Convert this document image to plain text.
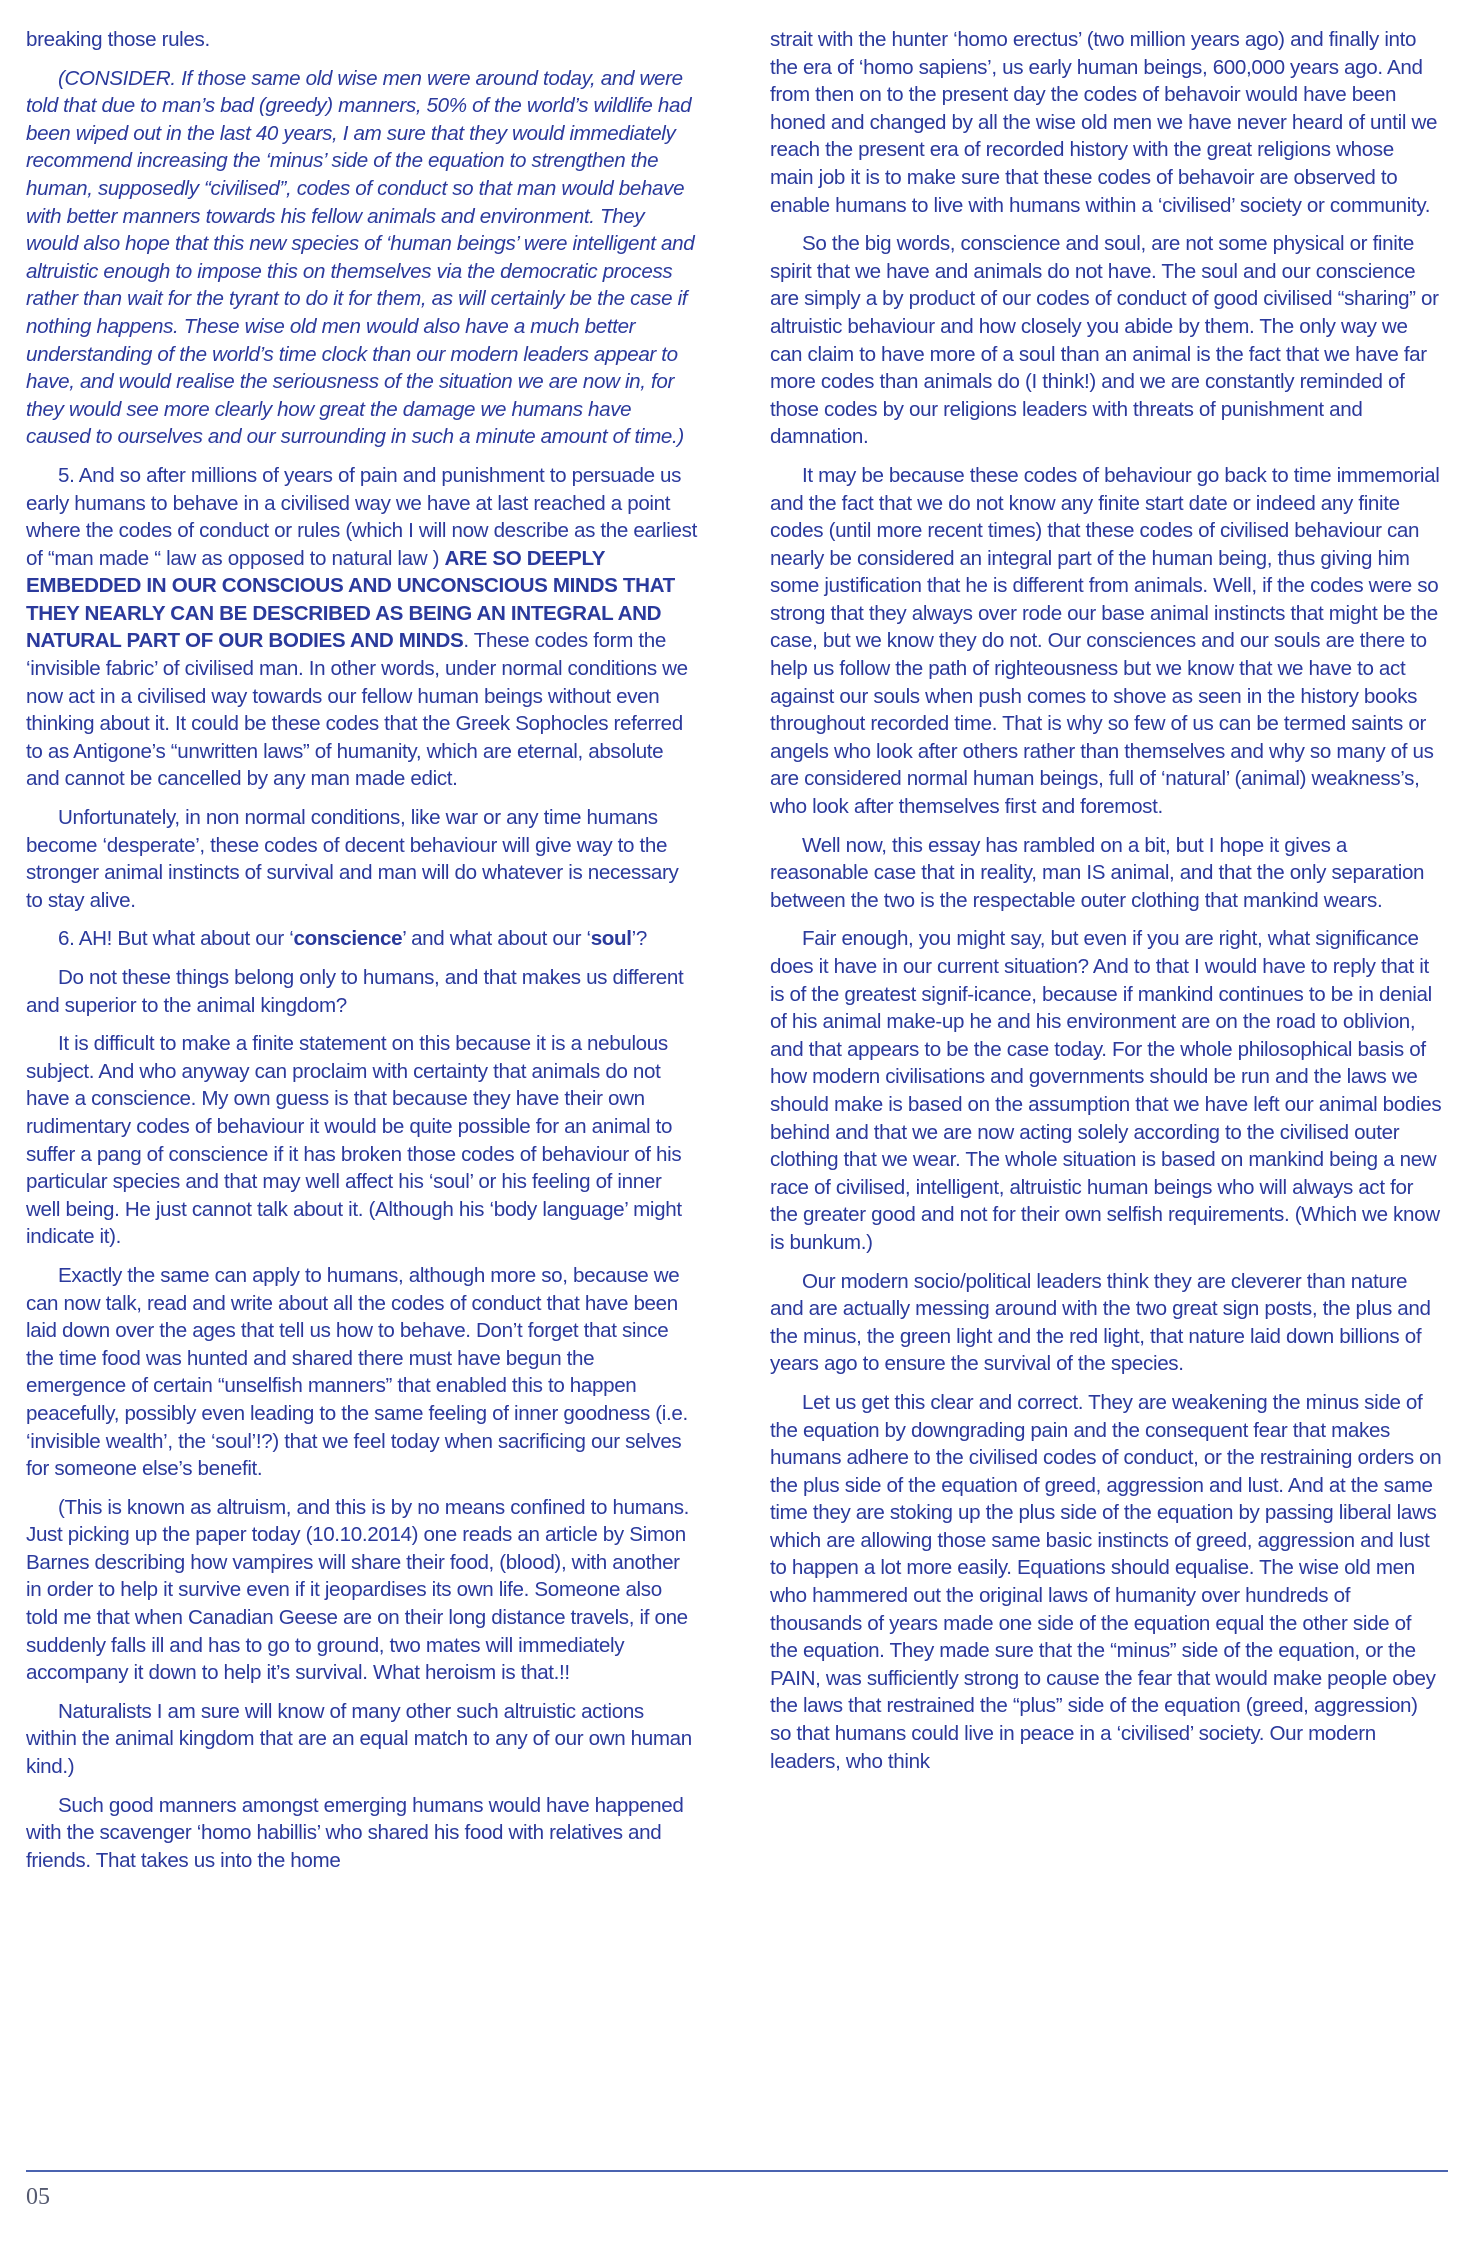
breaking those rules.

(CONSIDER. If those same old wise men were around today, and were told that due to man’s bad (greedy) manners, 50% of the world’s wildlife had been wiped out in the last 40 years, I am sure that they would immediately recommend increasing the ‘minus’ side of the equation to strengthen the human, supposedly “civilised”, codes of conduct so that man would behave with better manners towards his fellow animals and environment. They would also hope that this new species of ‘human beings’ were intelligent and altruistic enough to impose this on themselves via the democratic process rather than wait for the tyrant to do it for them, as will certainly be the case if nothing happens. These wise old men would also have a much better understanding of the world’s time clock than our modern leaders appear to have, and would realise the seriousness of the situation we are now in, for they would see more clearly how great the damage we humans have caused to ourselves and our surrounding in such a minute amount of time.)

5. And so after millions of years of pain and punishment to persuade us early humans to behave in a civilised way we have at last reached a point where the codes of conduct or rules (which I will now describe as the earliest of “man made “ law as opposed to natural law ) ARE SO DEEPLY EMBEDDED IN OUR CONSCIOUS AND UNCONSCIOUS MINDS THAT THEY NEARLY CAN BE DESCRIBED AS BEING AN INTEGRAL AND NATURAL PART OF OUR BODIES AND MINDS. These codes form the ‘invisible fabric’ of civilised man. In other words, under normal conditions we now act in a civilised way towards our fellow human beings without even thinking about it. It could be these codes that the Greek Sophocles referred to as Antigone’s “unwritten laws” of humanity, which are eternal, absolute and cannot be cancelled by any man made edict.

Unfortunately, in non normal conditions, like war or any time humans become ‘desperate’, these codes of decent behaviour will give way to the stronger animal instincts of survival and man will do whatever is necessary to stay alive.

6. AH! But what about our ‘conscience’ and what about our ‘soul’?

Do not these things belong only to humans, and that makes us different and superior to the animal kingdom?

It is difficult to make a finite statement on this because it is a nebulous subject. And who anyway can proclaim with certainty that animals do not have a conscience. My own guess is that because they have their own rudimentary codes of behaviour it would be quite possible for an animal to suffer a pang of conscience if it has broken those codes of behaviour of his particular species and that may well affect his ‘soul’ or his feeling of inner well being. He just cannot talk about it. (Although his ‘body language’ might indicate it).

Exactly the same can apply to humans, although more so, because we can now talk, read and write about all the codes of conduct that have been laid down over the ages that tell us how to behave. Don’t forget that since the time food was hunted and shared there must have begun the emergence of certain “unselfish manners” that enabled this to happen peacefully, possibly even leading to the same feeling of inner goodness (i.e. ‘invisible wealth’, the ‘soul’!?) that we feel today when sacrificing our selves for someone else’s benefit.

(This is known as altruism, and this is by no means confined to humans. Just picking up the paper today (10.10.2014) one reads an article by Simon Barnes describing how vampires will share their food, (blood), with another in order to help it survive even if it jeopardises its own life. Someone also told me that when Canadian Geese are on their long distance travels, if one suddenly falls ill and has to go to ground, two mates will immediately accompany it down to help it’s survival. What heroism is that.!!

Naturalists I am sure will know of many other such altruistic actions within the animal kingdom that are an equal match to any of our own human kind.)

Such good manners amongst emerging humans would have happened with the scavenger ‘homo habillis’ who shared his food with relatives and friends. That takes us into the home

strait with the hunter ‘homo erectus’ (two million years ago) and finally into the era of ‘homo sapiens’, us early human beings, 600,000 years ago. And from then on to the present day the codes of behavoir would have been honed and changed by all the wise old men we have never heard of until we reach the present era of recorded history with the great religions whose main job it is to make sure that these codes of behavoir are observed to enable humans to live with humans within a ‘civilised’ society or community.

So the big words, conscience and soul, are not some physical or finite spirit that we have and animals do not have. The soul and our conscience are simply a by product of our codes of conduct of good civilised “sharing” or altruistic behaviour and how closely you abide by them. The only way we can claim to have more of a soul than an animal is the fact that we have far more codes than animals do (I think!) and we are constantly reminded of those codes by our religions leaders with threats of punishment and damnation.

It may be because these codes of behaviour go back to time immemorial and the fact that we do not know any finite start date or indeed any finite codes (until more recent times) that these codes of civilised behaviour can nearly be considered an integral part of the human being, thus giving him some justification that he is different from animals. Well, if the codes were so strong that they always over rode our base animal instincts that might be the case, but we know they do not. Our consciences and our souls are there to help us follow the path of righteousness but we know that we have to act against our souls when push comes to shove as seen in the history books throughout recorded time. That is why so few of us can be termed saints or angels who look after others rather than themselves and why so many of us are considered normal human beings, full of ‘natural’ (animal) weakness’s, who look after themselves first and foremost.

Well now, this essay has rambled on a bit, but I hope it gives a reasonable case that in reality, man IS animal, and that the only separation between the two is the respectable outer clothing that mankind wears.

Fair enough, you might say, but even if you are right, what significance does it have in our current situation? And to that I would have to reply that it is of the greatest signif-icance, because if mankind continues to be in denial of his animal make-up he and his environment are on the road to oblivion, and that appears to be the case today. For the whole philosophical basis of how modern civilisations and governments should be run and the laws we should make is based on the assumption that we have left our animal bodies behind and that we are now acting solely according to the civilised outer clothing that we wear. The whole situation is based on mankind being a new race of civilised, intelligent, altruistic human beings who will always act for the greater good and not for their own selfish requirements. (Which we know is bunkum.)

Our modern socio/political leaders think they are cleverer than nature and are actually messing around with the two great sign posts, the plus and the minus, the green light and the red light, that nature laid down billions of years ago to ensure the survival of the species.

Let us get this clear and correct. They are weakening the minus side of the equation by downgrading pain and the consequent fear that makes humans adhere to the civilised codes of conduct, or the restraining orders on the plus side of the equation of greed, aggression and lust. And at the same time they are stoking up the plus side of the equation by passing liberal laws which are allowing those same basic instincts of greed, aggression and lust to happen a lot more easily. Equations should equalise. The wise old men who hammered out the original laws of humanity over hundreds of thousands of years made one side of the equation equal the other side of the equation. They made sure that the “minus” side of the equation, or the PAIN, was sufficiently strong to cause the fear that would make people obey the laws that restrained the “plus” side of the equation (greed, aggression) so that humans could live in peace in a ‘civilised’ society. Our modern leaders, who think

05
